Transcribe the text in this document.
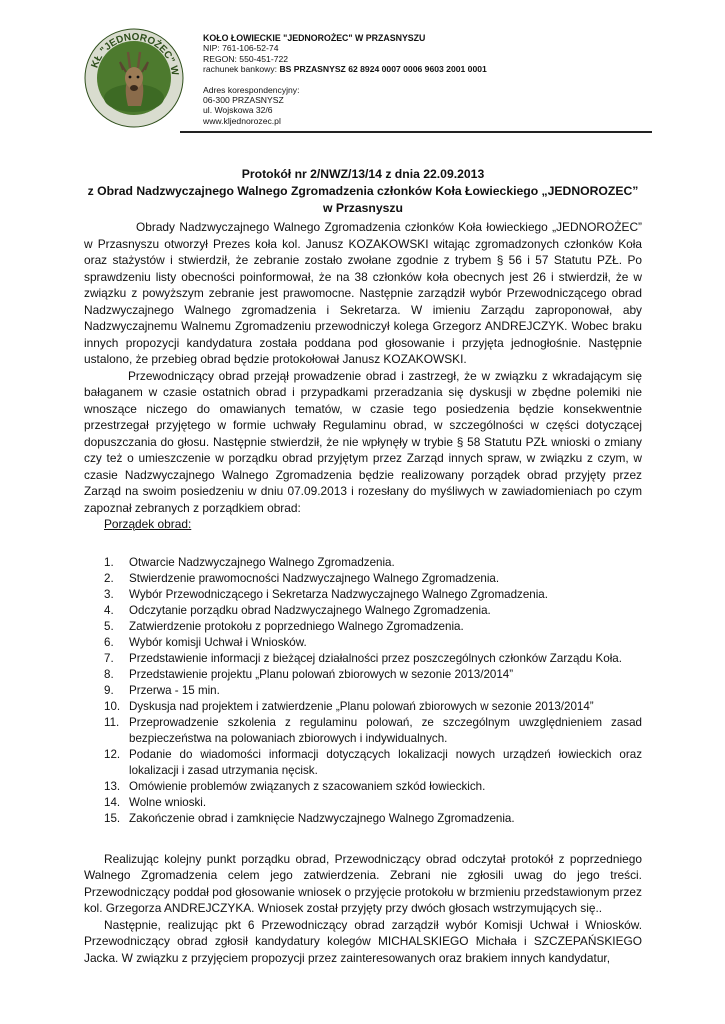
KŁ "JEDNOROŻEC" W
KOŁO ŁOWIECKIE "JEDNOROŻEC" W PRZASNYSZU
NIP: 761-106-52-74
REGON: 550-451-722
rachunek bankowy: BS PRZASNYSZ 62 8924 0007 0006 9603 2001 0001
Adres korespondencyjny:
06-300 PRZASNYSZ
ul. Wojskowa 32/6
www.kljednorozec.pl
Protokół nr 2/NWZ/13/14 z dnia 22.09.2013
z Obrad Nadzwyczajnego Walnego Zgromadzenia członków Koła Łowieckiego „JEDNOROZEC” w Przasnyszu

Obrady Nadzwyczajnego Walnego Zgromadzenia członków Koła łowieckiego „JEDNOROŻEC” w Przasnyszu otworzył Prezes koła kol. Janusz KOZAKOWSKI witając zgromadzonych członków Koła oraz stażystów i stwierdził, że zebranie zostało zwołane zgodnie z trybem § 56 i 57 Statutu PZŁ. Po sprawdzeniu listy obecności poinformował, że na 38 członków koła obecnych jest 26 i stwierdził, że w związku z powyższym zebranie jest prawomocne. Następnie zarządził wybór Przewodniczącego obrad Nadzwyczajnego Walnego zgromadzenia i Sekretarza. W imieniu Zarządu zaproponował, aby Nadzwyczajnemu Walnemu Zgromadzeniu przewodniczył kolega Grzegorz ANDREJCZYK. Wobec braku innych propozycji kandydatura została poddana pod głosowanie i przyjęta jednogłośnie. Następnie ustalono, że przebieg obrad będzie protokołował Janusz KOZAKOWSKI.

Przewodniczący obrad przejął prowadzenie obrad i zastrzegł, że w związku z wkradającym się bałaganem w czasie ostatnich obrad i przypadkami przeradzania się dyskusji w zbędne polemiki nie wnoszące niczego do omawianych tematów, w czasie tego posiedzenia będzie konsekwentnie przestrzegał przyjętego w formie uchwały Regulaminu obrad, w szczególności w części dotyczącej dopuszczania do głosu. Następnie stwierdził, że nie wpłynęły w trybie § 58 Statutu PZŁ wnioski o zmiany czy też o umieszczenie w porządku obrad przyjętym przez Zarząd innych spraw, w związku z czym, w czasie Nadzwyczajnego Walnego Zgromadzenia będzie realizowany porządek obrad przyjęty przez Zarząd na swoim posiedzeniu w dniu 07.09.2013 i rozesłany do myśliwych w zawiadomieniach po czym zapoznał zebranych z porządkiem obrad:

Porządek obrad:

1. Otwarcie Nadzwyczajnego Walnego Zgromadzenia.
2. Stwierdzenie prawomocności Nadzwyczajnego Walnego Zgromadzenia.
3. Wybór Przewodniczącego i Sekretarza Nadzwyczajnego Walnego Zgromadzenia.
4. Odczytanie porządku obrad Nadzwyczajnego Walnego Zgromadzenia.
5. Zatwierdzenie protokołu z poprzedniego Walnego Zgromadzenia.
6. Wybór komisji Uchwał i Wniosków.
7. Przedstawienie informacji z bieżącej działalności przez poszczególnych członków Zarządu Koła.
8. Przedstawienie projektu „Planu polowań zbiorowych w sezonie 2013/2014”
9. Przerwa - 15 min.
10. Dyskusja nad projektem i zatwierdzenie „Planu polowań zbiorowych w sezonie 2013/2014”
11. Przeprowadzenie szkolenia z regulaminu polowań, ze szczególnym uwzględnieniem zasad bezpieczeństwa na polowaniach zbiorowych i indywidualnych.
12. Podanie do wiadomości informacji dotyczących lokalizacji nowych urządzeń łowieckich oraz lokalizacji i zasad utrzymania nęcisk.
13. Omówienie problemów związanych z szacowaniem szkód łowieckich.
14. Wolne wnioski.
15. Zakończenie obrad i zamknięcie Nadzwyczajnego Walnego Zgromadzenia.

Realizując kolejny punkt porządku obrad, Przewodniczący obrad odczytał protokół z poprzedniego Walnego Zgromadzenia celem jego zatwierdzenia. Zebrani nie zgłosili uwag do jego treści. Przewodniczący poddał pod głosowanie wniosek o przyjęcie protokołu w brzmieniu przedstawionym przez kol. Grzegorza ANDREJCZYKA. Wniosek został przyjęty przy dwóch głosach wstrzymujących się..

Następnie, realizując pkt 6 Przewodniczący obrad zarządził wybór Komisji Uchwał i Wniosków. Przewodniczący obrad zgłosił kandydatury kolegów MICHALSKIEGO Michała i SZCZEPAŃSKIEGO Jacka. W związku z przyjęciem propozycji przez zainteresowanych oraz brakiem innych kandydatur,
